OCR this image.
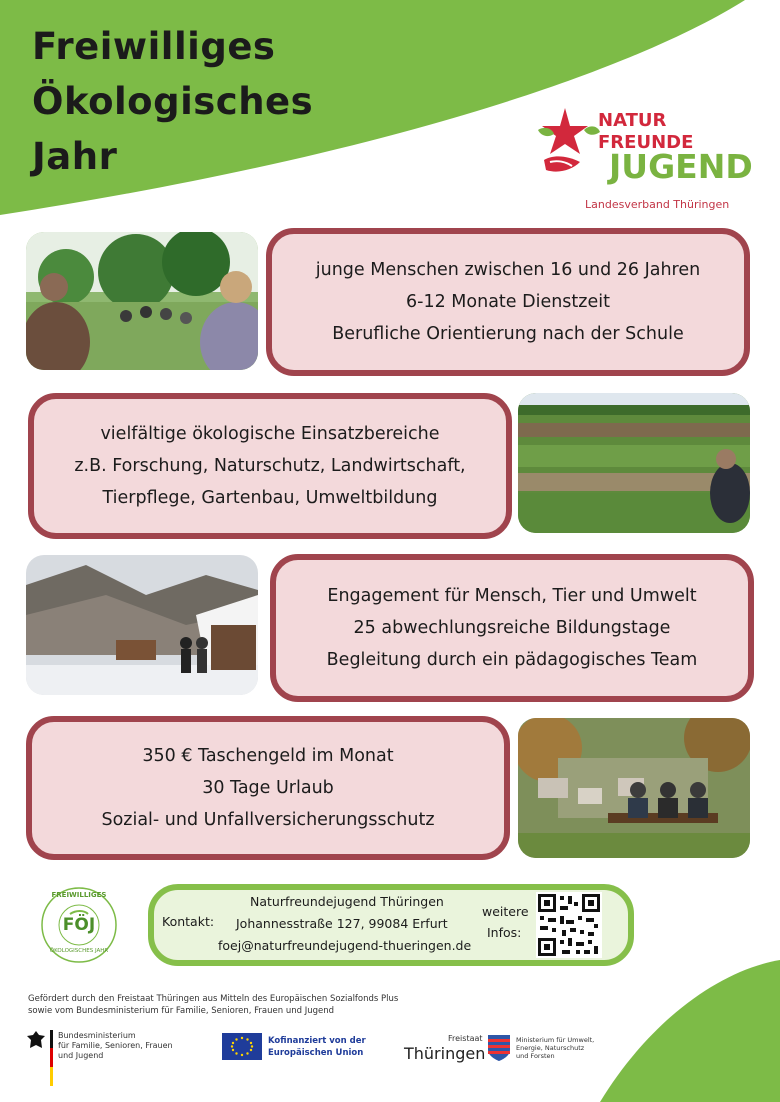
Freiwilliges
Ökologisches
Jahr
NATUR
FREUNDE
JUGEND
Landesverband Thüringen
junge Menschen zwischen 16 und 26 Jahren
6-12 Monate Dienstzeit
Berufliche Orientierung nach der Schule
vielfältige ökologische Einsatzbereiche
z.B. Forschung, Naturschutz, Landwirtschaft,
Tierpflege, Gartenbau, Umweltbildung
Engagement für Mensch, Tier und Umwelt
25 abwechlungsreiche Bildungstage
Begleitung durch ein pädagogisches Team
350 € Taschengeld im Monat
30 Tage Urlaub
Sozial- und Unfallversicherungsschutz
FREIWILLIGES
FÖJ
ÖKOLOGISCHES JAHR
Kontakt:
Naturfreundejugend Thüringen
Johannesstraße 127, 99084 Erfurt
foej@naturfreundejugend-thueringen.de
weitere
Infos:
Gefördert durch den Freistaat Thüringen aus Mitteln des Europäischen Sozialfonds Plus
sowie vom Bundesministerium für Familie, Senioren, Frauen und Jugend
Bundesministerium
für Familie, Senioren, Frauen
und Jugend
Kofinanziert von der
Europäischen Union
Freistaat
Thüringen
Ministerium für Umwelt,
Energie, Naturschutz
und Forsten
